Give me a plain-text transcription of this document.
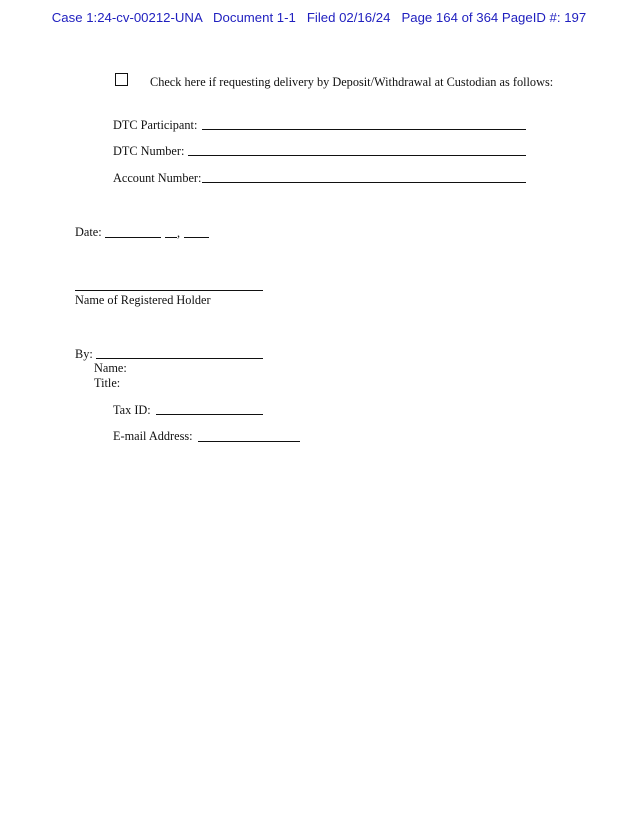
Case 1:24-cv-00212-UNA Document 1-1 Filed 02/16/24 Page 164 of 364 PageID #: 197
Check here if requesting delivery by Deposit/Withdrawal at Custodian as follows:
DTC Participant:
DTC Number:
Account Number:
Date:	,
Name of Registered Holder
By:
Name:
Title:
Tax ID:
E-mail Address:
